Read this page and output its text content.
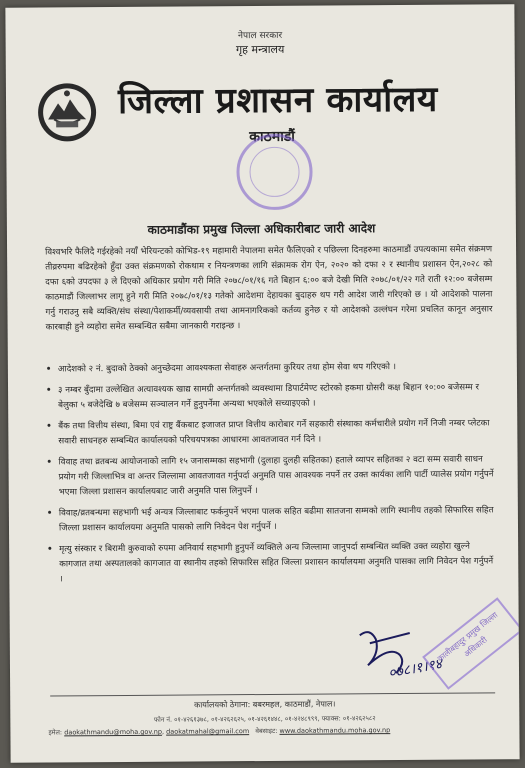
नेपाल सरकार
गृह मन्त्रालय
जिल्ला प्रशासन कार्यालय
काठमाडौं
काठमाडौंका प्रमुख जिल्ला अधिकारीबाट जारी आदेश
विश्वभरि फैलिदै गईरहेको नयाँ भेरियन्टको कोभिड-१९ महामारी नेपालमा समेत फैलिएको र पछिल्ला दिनहरुमा काठमाडौं उपत्यकामा समेत संक्रमण तीव्ररुपमा बढिरहेको हुँदा उक्त संक्रमणको रोकथाम र नियन्त्रणका लागि संक्रामक रोग ऐन, २०२० को दफा २ र स्थानीय प्रशासन ऐन,२०२८ को दफा ६को उपदफा ३ ले दिएको अधिकार प्रयोग गरी मिति २०७८/०१/१६ गते बिहान ६:०० बजे देखी मिति २०७८/०१/२२ गते राती १२:०० बजेसम्म काठमाडौं जिल्लाभर लागू हुने गरी मिति २०७८/०१/१३ गतेको आदेशमा देहायका बुदाहरु थप गरी आदेश जारी गरिएको छ । यो आदेशको पालना गर्नु गराउनु सबै व्यक्ति/संघ संस्था/पेशाकर्मी/व्यवसायी तथा आमनागरिकको कर्तव्य हुनेछ र यो आदेशको उल्लंघन गरेमा प्रचलित कानून अनुसार कारबाही हुने व्यहोरा समेत सम्बन्धित सबैमा जानकारी गराइन्छ ।
• आदेशको २ नं. बुदाको ठेक्को अनुच्छेदमा आवश्यकता सेवाहरु अन्तर्गतमा कुरियर तथा होम सेवा थप गरिएको ।
• ३ नम्बर बुँदामा उल्लेखित अत्यावश्यक खाद्य सामग्री अन्तर्गतको व्यवस्थामा डिपार्टमेण्ट स्टोरको हकमा ग्रोसरी कक्ष बिहान १०:०० बजेसम्म र बेलुका ५ बजेदेखि ७ बजेसम्म सञ्चालन गर्ने हुनुपर्नेमा अन्यथा भएकोले सच्याइएको ।
• बैंक तथा वित्तीय संस्था, बिमा एवं राष्ट्र बैंकबाट इजाजत प्राप्त वित्तीय कारोबार गर्ने सहकारी संस्थाका कर्मचारीले प्रयोग गर्ने निजी नम्बर प्लेटका सवारी साधनहरु सम्बन्धित कार्यालयको परिचयपत्रका आधारमा आवतजावत गर्न दिने ।
• विवाह तथा व्रतबन्ध आयोजनाको लागि १५ जनासम्मका सहभागी (दुलाहा दुलही सहितका) हताले व्यापर सहितका २ वटा सम्म सवारी साधन प्रयोग गरी जिल्लाभित्र वा अन्तर जिल्लामा आवतजावत गर्नुपर्दा अनुमति पास आवश्यक नपर्ने तर उक्त कार्यका लागि पार्टी प्यालेस प्रयोग गर्नुपर्ने भएमा जिल्ला प्रशासन कार्यालयबाट जारी अनुमति पास लिनुपर्ने ।
• विवाह/व्रतबन्धमा सहभागी भई अन्यत्र जिल्लाबाट फर्कनुपर्ने भएमा पालक सहित बढीमा सातजना सम्मको लागि स्थानीय तहको सिफारिस सहित जिल्ला प्रशासन कार्यालयमा अनुमति पासको लागि निवेदन पेश गर्नुपर्ने ।
• मृत्यु संस्कार र बिरामी कुरुवाको रुपमा अनिवार्य सहभागी हुनुपर्ने व्यक्तिले अन्य जिल्लामा जानुपर्दा सम्बन्धित व्यक्ति उक्त व्यहोरा खुल्ने कागजात तथा अस्पतालको कागजात वा स्थानीय तहको सिफारिस सहित जिल्ला प्रशासन कार्यालयमा अनुमति पासका लागि निवेदन पेश गर्नुपर्ने ।
०७८।१।१४
कालीबहादुर प्रमुख जिल्ला अधिकारी
कार्यालयको ठेगाना: बबरमहल, काठमाडौं, नेपाल।
फोन नं. ०१-४२६१३७८, ०१-४२६२६२५, ०१-४२६१४४८, ०१-४२४८९९९, फ्याक्स: ०१-४२६२५८२
इमेल: daokathmandu@moha.gov.np, daokatmahal@gmail.com वेबसाइट: www.daokathmandu.moha.gov.np
